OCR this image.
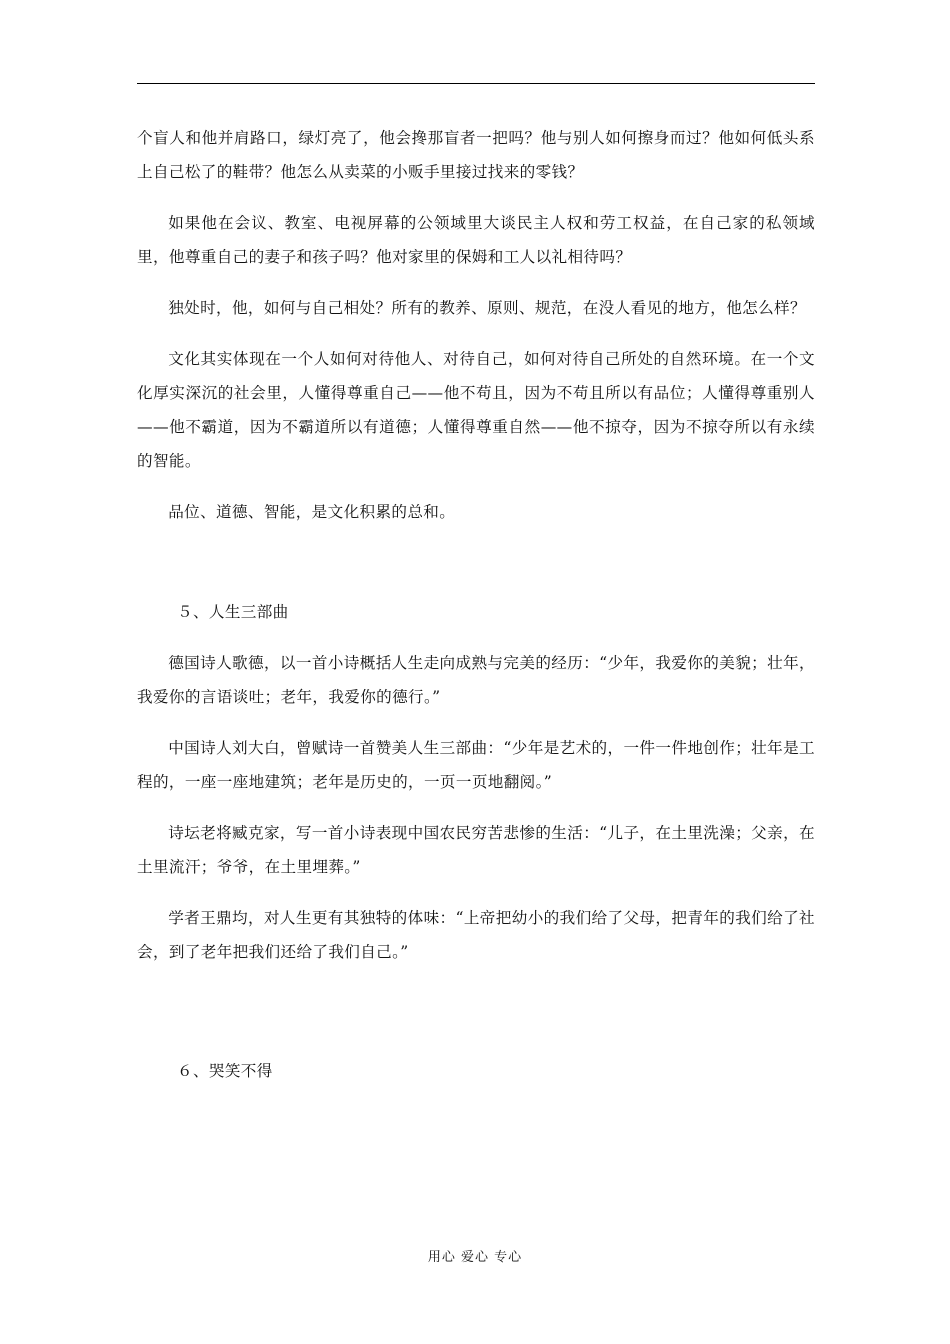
个盲人和他并肩路口，绿灯亮了，他会搀那盲者一把吗？他与别人如何擦身而过？他如何低头系上自己松了的鞋带？他怎么从卖菜的小贩手里接过找来的零钱？

如果他在会议、教室、电视屏幕的公领域里大谈民主人权和劳工权益，在自己家的私领域里，他尊重自己的妻子和孩子吗？他对家里的保姆和工人以礼相待吗？

独处时，他，如何与自己相处？所有的教养、原则、规范，在没人看见的地方，他怎么样？

文化其实体现在一个人如何对待他人、对待自己，如何对待自己所处的自然环境。在一个文化厚实深沉的社会里，人懂得尊重自己——他不苟且，因为不苟且所以有品位；人懂得尊重别人——他不霸道，因为不霸道所以有道德；人懂得尊重自然——他不掠夺，因为不掠夺所以有永续的智能。

品位、道德、智能，是文化积累的总和。

５、人生三部曲

德国诗人歌德，以一首小诗概括人生走向成熟与完美的经历：“少年，我爱你的美貌；壮年，我爱你的言语谈吐；老年，我爱你的德行。”

中国诗人刘大白，曾赋诗一首赞美人生三部曲：“少年是艺术的，一件一件地创作；壮年是工程的，一座一座地建筑；老年是历史的，一页一页地翻阅。”

诗坛老将臧克家，写一首小诗表现中国农民穷苦悲惨的生活：“儿子，在土里洗澡；父亲，在土里流汗；爷爷，在土里埋葬。”

学者王鼎均，对人生更有其独特的体味：“上帝把幼小的我们给了父母，把青年的我们给了社会，到了老年把我们还给了我们自己。”

６、哭笑不得

用心 爱心 专心
